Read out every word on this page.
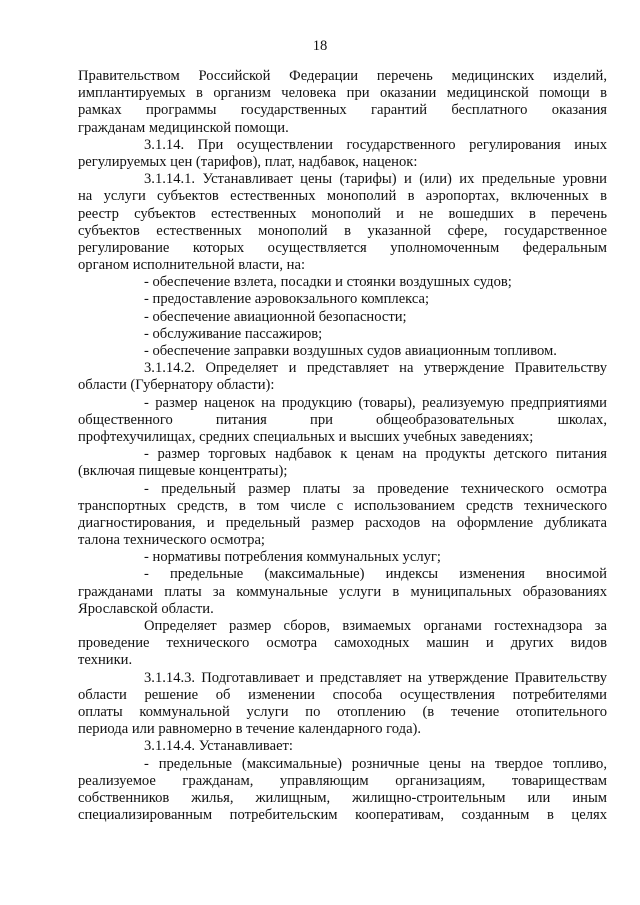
18
Правительством Российской Федерации перечень медицинских изделий,
имплантируемых в организм человека при оказании медицинской помощи в
рамках программы государственных гарантий бесплатного оказания
гражданам медицинской помощи.
3.1.14. При осуществлении государственного регулирования иных
регулируемых цен (тарифов), плат, надбавок, наценок:
3.1.14.1. Устанавливает цены (тарифы) и (или) их предельные уровни
на услуги субъектов естественных монополий в аэропортах, включенных в
реестр субъектов естественных монополий и не вошедших в перечень
субъектов естественных монополий в указанной сфере, государственное
регулирование которых осуществляется уполномоченным федеральным
органом исполнительной власти, на:
- обеспечение взлета, посадки и стоянки воздушных судов;
- предоставление аэровокзального комплекса;
- обеспечение авиационной безопасности;
- обслуживание пассажиров;
- обеспечение заправки воздушных судов авиационным топливом.
3.1.14.2. Определяет и представляет на утверждение Правительству
области (Губернатору области):
- размер наценок на продукцию (товары), реализуемую предприятиями
общественного питания при общеобразовательных школах,
профтехучилищах, средних специальных и высших учебных заведениях;
- размер торговых надбавок к ценам на продукты детского питания
(включая пищевые концентраты);
- предельный размер платы за проведение технического осмотра
транспортных средств, в том числе с использованием средств технического
диагностирования, и предельный размер расходов на оформление дубликата
талона технического осмотра;
- нормативы потребления коммунальных услуг;
- предельные (максимальные) индексы изменения вносимой
гражданами платы за коммунальные услуги в муниципальных образованиях
Ярославской области.
Определяет размер сборов, взимаемых органами гостехнадзора за
проведение технического осмотра самоходных машин и других видов
техники.
3.1.14.3. Подготавливает и представляет на утверждение Правительству
области решение об изменении способа осуществления потребителями
оплаты коммунальной услуги по отоплению (в течение отопительного
периода или равномерно в течение календарного года).
3.1.14.4. Устанавливает:
- предельные (максимальные) розничные цены на твердое топливо,
реализуемое гражданам, управляющим организациям, товариществам
собственников жилья, жилищным, жилищно-строительным или иным
специализированным потребительским кооперативам, созданным в целях
